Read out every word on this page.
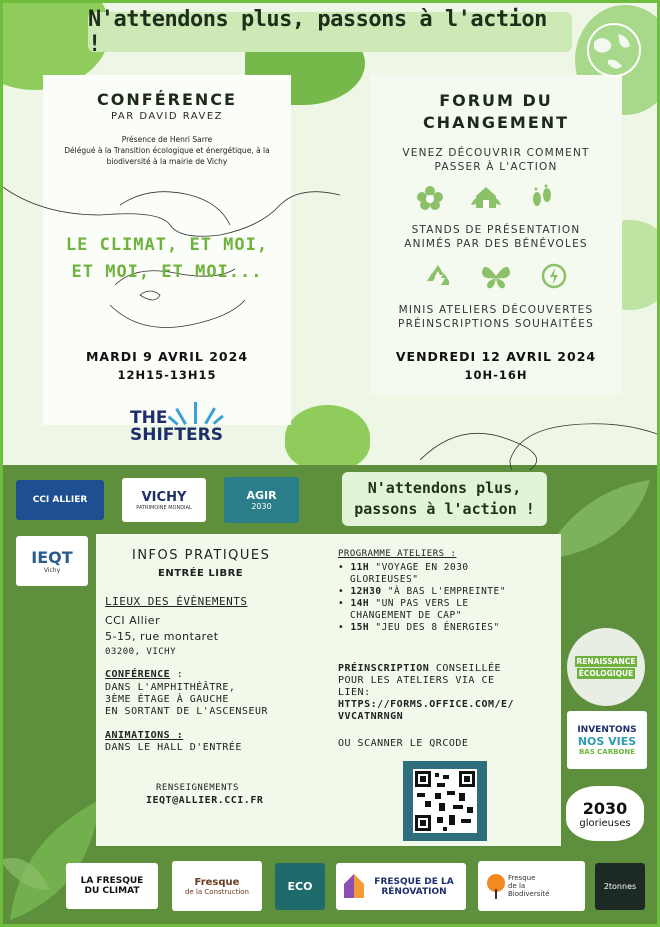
N'attendons plus, passons à l'action !
CONFÉRENCE
PAR DAVID RAVEZ
Présence de Henri Sarre
Délégué à la Transition écologique et énergétique, à la
biodiversité à la mairie de Vichy
LE CLIMAT, ET MOI,
ET MOI, ET MOI...
MARDI 9 AVRIL 2024
12H15-13H15
FORUM DU
CHANGEMENT
VENEZ DÉCOUVRIR COMMENT
PASSER À L'ACTION
STANDS DE PRÉSENTATION
ANIMÉS PAR DES BÉNÉVOLES
MINIS ATELIERS DÉCOUVERTES
PRÉINSCRIPTIONS SOUHAITÉES
VENDREDI 12 AVRIL 2024
10H-16H
THE
SHIFTERS
CCI ALLIER	VICHY
PATRIMOINE MONDIAL
AGIR
2030
IEQT
Vichy
N'attendons plus,
passons à l'action !
INFOS PRATIQUES
ENTRÉE LIBRE
LIEUX DES ÉVÈNEMENTS
CCI Allier
5-15, rue montaret
03200, VICHY
CONFÉRENCE :
DANS L'AMPHITHÉÂTRE,
3ÈME ÉTAGE À GAUCHE
EN SORTANT DE L'ASCENSEUR
ANIMATIONS :
DANS LE HALL D'ENTRÉE
RENSEIGNEMENTS
IEQT@ALLIER.CCI.FR
PROGRAMME ATELIERS :
• 11H "VOYAGE EN 2030
GLORIEUSES"
• 12H30 "À BAS L'EMPREINTE"
• 14H "UN PAS VERS LE
CHANGEMENT DE CAP"
• 15H "JEU DES 8 ÉNERGIES"
PRÉINSCRIPTION CONSEILLÉE
POUR LES ATELIERS VIA CE
LIEN:
HTTPS://FORMS.OFFICE.COM/E/
VVCATNRNGN
OU SCANNER LE QRCODE
RENAISSANCE
ÉCOLOGIQUE
INVENTONS
NOS VIES
BAS CARBONE
2030
glorieuses
LA FRESQUE
DU CLIMAT
Fresque
de la Construction	ECO	FRESQUE DE LA
RÉNOVATION
Fresque
de la
Biodiversité
2tonnes
